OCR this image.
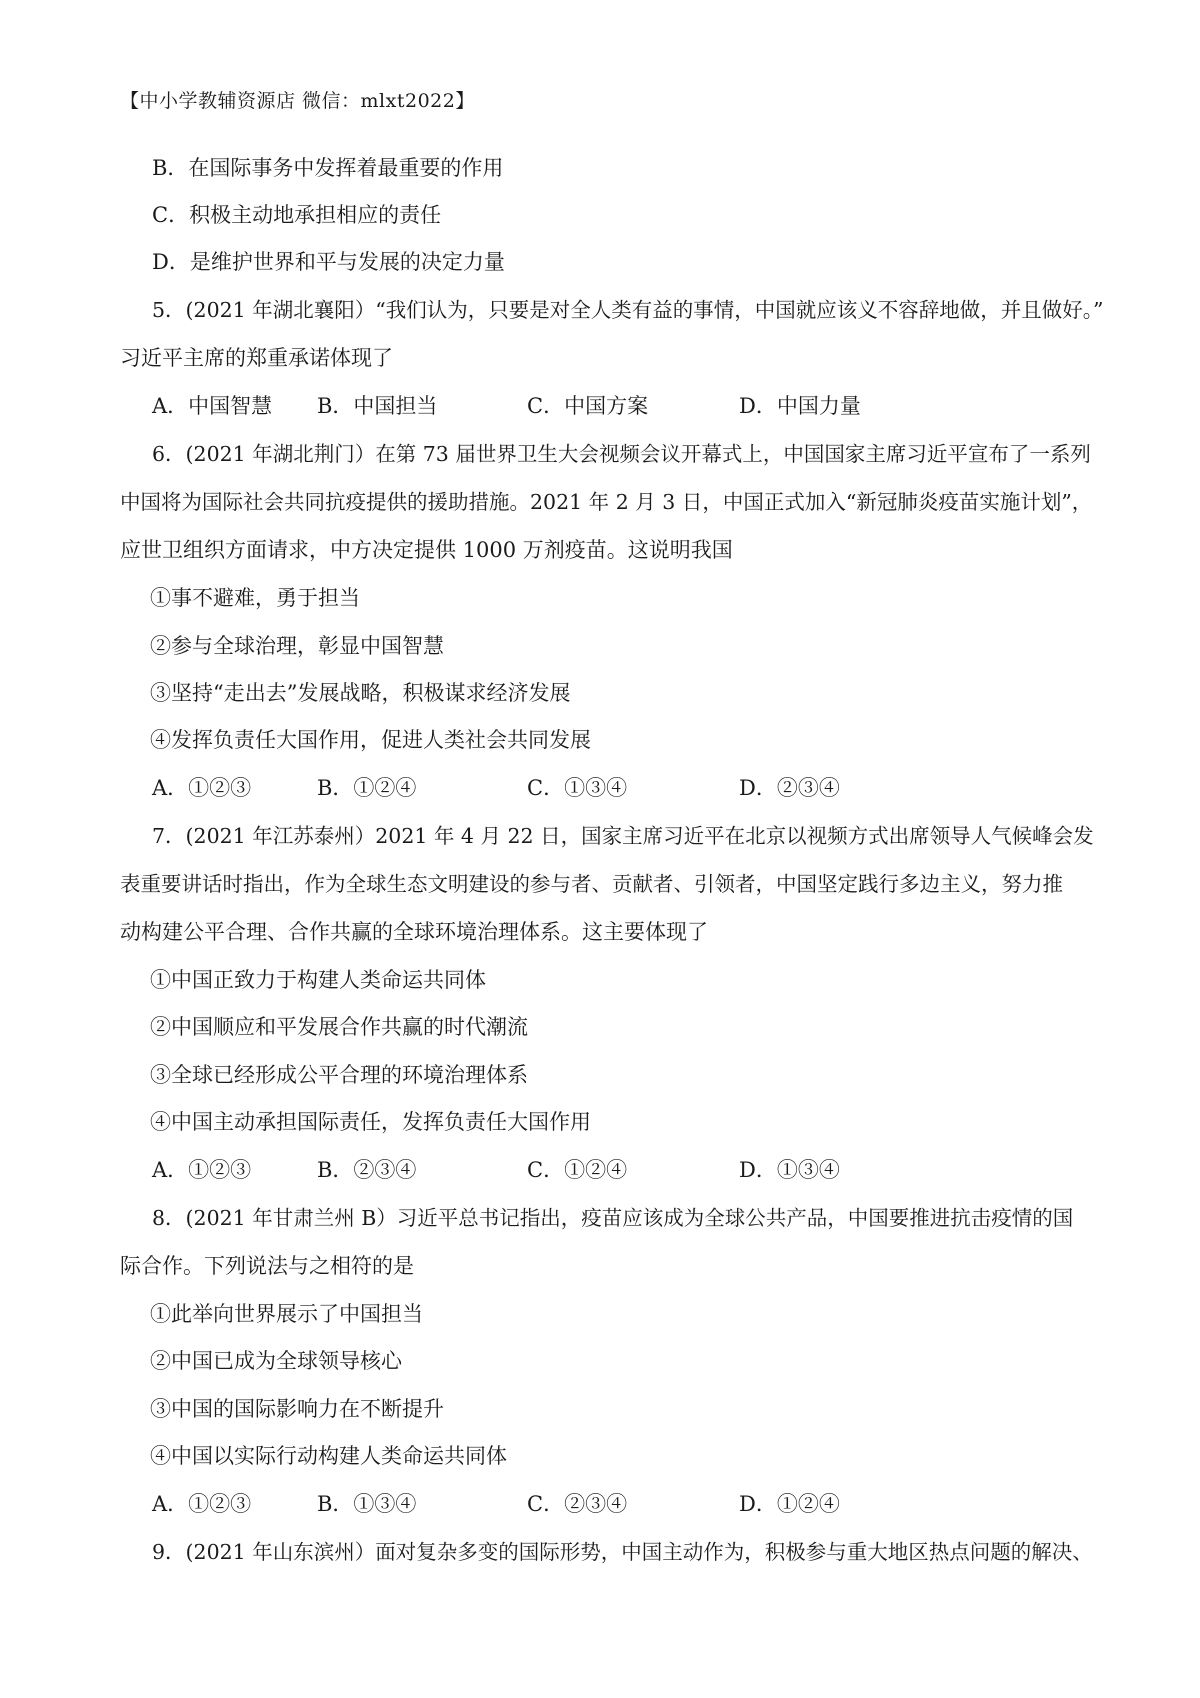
【中小学教辅资源店 微信：mlxt2022】
B．在国际事务中发挥着最重要的作用
C．积极主动地承担相应的责任
D．是维护世界和平与发展的决定力量
5．(2021 年湖北襄阳）“我们认为，只要是对全人类有益的事情，中国就应该义不容辞地做，并且做好。”
习近平主席的郑重承诺体现了
A．中国智慧 B．中国担当	C．中国方案	D．中国力量
6．(2021 年湖北荆门）在第 73 届世界卫生大会视频会议开幕式上，中国国家主席习近平宣布了一系列
中国将为国际社会共同抗疫提供的援助措施。2021 年 2 月 3 日，中国正式加入“新冠肺炎疫苗实施计划”，
应世卫组织方面请求，中方决定提供 1000 万剂疫苗。这说明我国
①事不避难，勇于担当
②参与全球治理，彰显中国智慧
③坚持“走出去”发展战略，积极谋求经济发展
④发挥负责任大国作用，促进人类社会共同发展
A．①②③	B．①②④	C．①③④	D．②③④
7．(2021 年江苏泰州）2021 年 4 月 22 日，国家主席习近平在北京以视频方式出席领导人气候峰会发
表重要讲话时指出，作为全球生态文明建设的参与者、贡献者、引领者，中国坚定践行多边主义，努力推
动构建公平合理、合作共赢的全球环境治理体系。这主要体现了
①中国正致力于构建人类命运共同体
②中国顺应和平发展合作共赢的时代潮流
③全球已经形成公平合理的环境治理体系
④中国主动承担国际责任，发挥负责任大国作用
A．①②③	B．②③④	C．①②④	D．①③④
8．(2021 年甘肃兰州 B）习近平总书记指出，疫苗应该成为全球公共产品，中国要推进抗击疫情的国
际合作。下列说法与之相符的是
①此举向世界展示了中国担当
②中国已成为全球领导核心
③中国的国际影响力在不断提升
④中国以实际行动构建人类命运共同体
A．①②③	B．①③④	C．②③④	D．①②④
9．(2021 年山东滨州）面对复杂多变的国际形势，中国主动作为，积极参与重大地区热点问题的解决、
